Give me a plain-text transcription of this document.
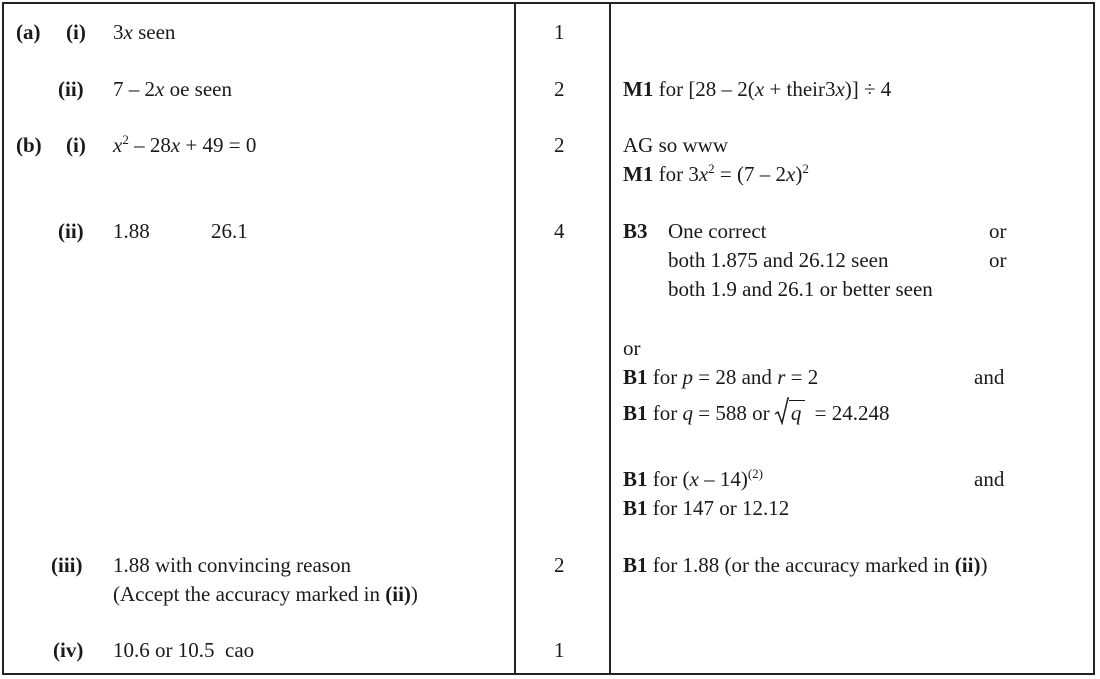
(a) (i) 3x seen	1
(ii) 7 – 2x oe seen	2	M1 for [28 – 2(x + their3x)] ÷ 4
(b) (i) $x^2 - 28x + 49 = 0$	2	AG so www
M1 for $3x^2 = (7 - 2x)^2$
(ii) 1.88	26.1	4	B3 One correct	or
both 1.875 and 26.12 seen	or
both 1.9 and 26.1 or better seen
or
B1 for p = 28 and r = 2	and
B1 for q = 588 or
q = 24.248
B1 for (x – 14)$^{(2)}$	and
B1 for 147 or 12.12
(iii) 1.88 with convincing reason
(Accept the accuracy marked in (ii))
2	B1 for 1.88 (or the accuracy marked in (ii))
(iv) 10.6 or 10.5  cao	1
